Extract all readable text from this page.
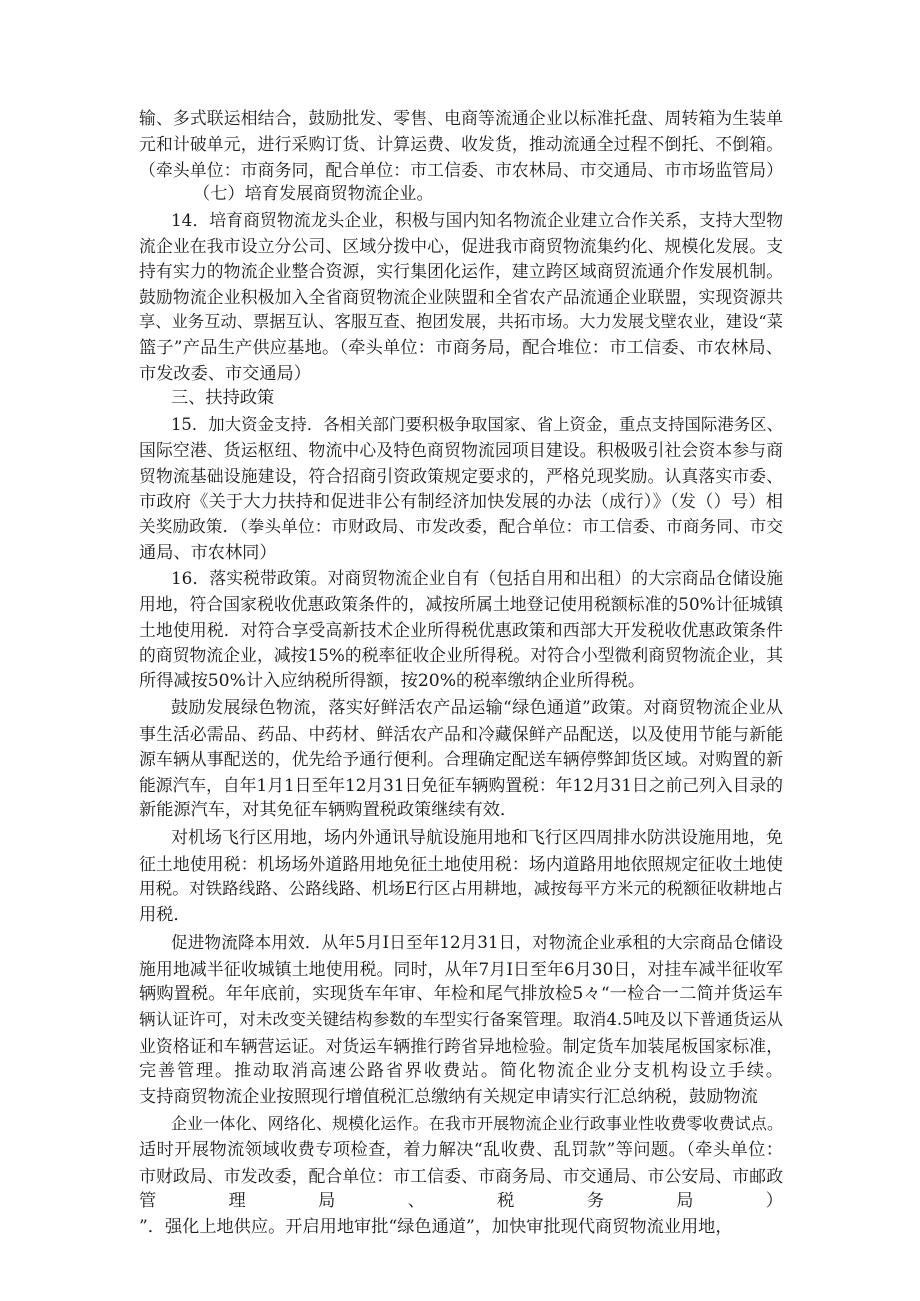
输、多式联运相结合，鼓励批发、零售、电商等流通企业以标准托盘、周转箱为生装单
元和计破单元，进行采购订货、计算运费、收发货，推动流通全过程不倒托、不倒箱。
（牵头单位：市商务同，配合单位：市工信委、市农林局、市交通局、市市场监管局）
（七）培育发展商贸物流企业。
14．培育商贸物流龙头企业，积极与国内知名物流企业建立合作关系，支持大型物
流企业在我市设立分公司、区域分拨中心，促进我市商贸物流集约化、规模化发展。支
持有实力的物流企业整合资源，实行集团化运作，建立跨区域商贸流通介作发展机制。
鼓励物流企业积极加入全省商贸物流企业陕盟和全省农产品流通企业联盟，实现资源共
享、业务互动、票据互认、客服互查、抱团发展，共拓市场。大力发展戈壁农业，建设“菜
篮子”产品生产供应基地。（牵头单位：市商务局，配合堆位：市工信委、市农林局、
市发改委、市交通局）
三、扶持政策
15．加大资金支持．各相关部门要积极争取国家、省上资金，重点支持国际港务区、
国际空港、货运枢纽、物流中心及特色商贸物流园项目建设。积极吸引社会资本参与商
贸物流基础设施建设，符合招商引资政策规定要求的，严格兑现奖励。认真落实市委、
市政府《关于大力扶持和促进非公有制经济加快发展的办法（成行）》（发（）号）相
关奖励政策．（拳头单位：市财政局、市发改委，配合单位：市工信委、市商务同、市交
通局、市农林同）
16．落实税带政策。对商贸物流企业自有（包括自用和出租）的大宗商品仓储设施
用地，符合国家税收优惠政策条件的，减按所属土地登记使用税额标准的50%计征城镇
土地使用税．对符合享受高新技术企业所得税优惠政策和西部大开发税收优惠政策条件
的商贸物流企业，减按15%的税率征收企业所得税。对符合小型微利商贸物流企业，其
所得减按50%计入应纳税所得额，按20%的税率缴纳企业所得税。
鼓励发展绿色物流，落实好鲜活农产品运输“绿色通道”政策。对商贸物流企业从
事生活必需品、药品、中药材、鲜活农产品和冷藏保鲜产品配送，以及使用节能与新能
源车辆从事配送的，优先给予通行便利。合理确定配送车辆停弊卸货区域。对购置的新
能源汽车，自年1月1日至年12月31日免征车辆购置税：年12月31日之前己列入目录的
新能源汽车，对其免征车辆购置税政策继续有效．
对机场飞行区用地，场内外通讯导航设施用地和飞行区四周排水防洪设施用地，免
征土地使用税：机场场外道路用地免征土地使用税：场内道路用地依照规定征收土地使
用税。对铁路线路、公路线路、机场E行区占用耕地，减按每平方米元的税额征收耕地占
用税．
促进物流降本用效．从年5月I日至年12月31日，对物流企业承租的大宗商品仓储设
施用地减半征收城镇土地使用税。同时，从年7月I日至年6月30日，对挂车减半征收军
辆购置税。年年底前，实现货车年审、年检和尾气排放检5々“一检合一二简并货运车
辆认证许可，对未改变关键结构参数的车型实行备案管理。取消4.5吨及以下普通货运从
业资格证和车辆营运证。对货运车辆推行跨省异地检验。制定货车加装尾板国家标准，
完善管理。推动取消高速公路省界收费站。简化物流企业分支机构设立手续。
支持商贸物流企业按照现行增值税汇总缴纳有关规定申请实行汇总纳税，鼓励物流
企业一体化、网络化、规模化运作。在我市开展物流企业行政事业性收费零收费试点。
适时开展物流领域收费专项检查，着力解决“乱收费、乱罚款”等问题。（牵头单位：
市财政局、市发改委，配合单位：市工信委、市商务局、市交通局、市公安局、市邮政
管理局、税务局）
”．强化上地供应。开启用地审批“绿色通道”，加快审批现代商贸物流业用地，
